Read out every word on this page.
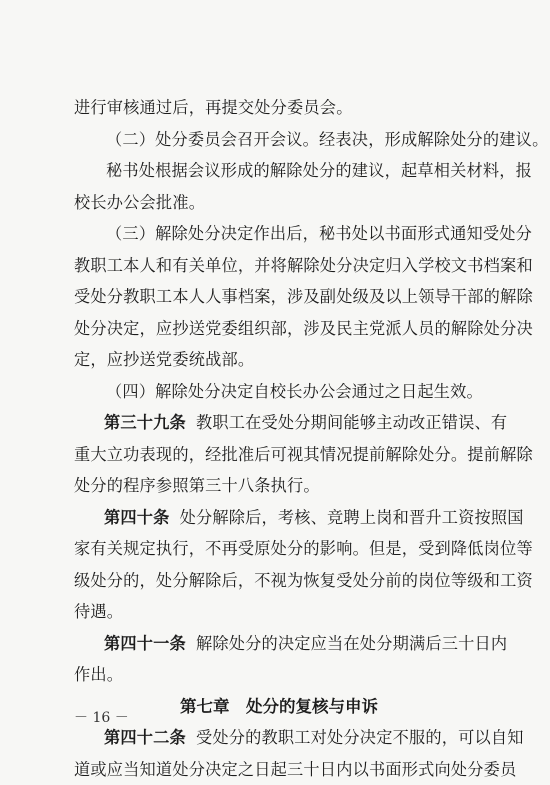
进行审核通过后，再提交处分委员会。

（二）处分委员会召开会议。经表决，形成解除处分的建议。

秘书处根据会议形成的解除处分的建议，起草相关材料，报
校长办公会批准。

（三）解除处分决定作出后，秘书处以书面形式通知受处分
教职工本人和有关单位，并将解除处分决定归入学校文书档案和
受处分教职工本人人事档案，涉及副处级及以上领导干部的解除
处分决定，应抄送党委组织部，涉及民主党派人员的解除处分决
定，应抄送党委统战部。

（四）解除处分决定自校长办公会通过之日起生效。

第三十九条 教职工在受处分期间能够主动改正错误、有
重大立功表现的，经批准后可视其情况提前解除处分。提前解除
处分的程序参照第三十八条执行。

第四十条 处分解除后，考核、竞聘上岗和晋升工资按照国
家有关规定执行，不再受原处分的影响。但是，受到降低岗位等
级处分的，处分解除后，不视为恢复受处分前的岗位等级和工资
待遇。

第四十一条 解除处分的决定应当在处分期满后三十日内
作出。

第七章　处分的复核与申诉

第四十二条 受处分的教职工对处分决定不服的，可以自知
道或应当知道处分决定之日起三十日内以书面形式向处分委员

－ 16 －
